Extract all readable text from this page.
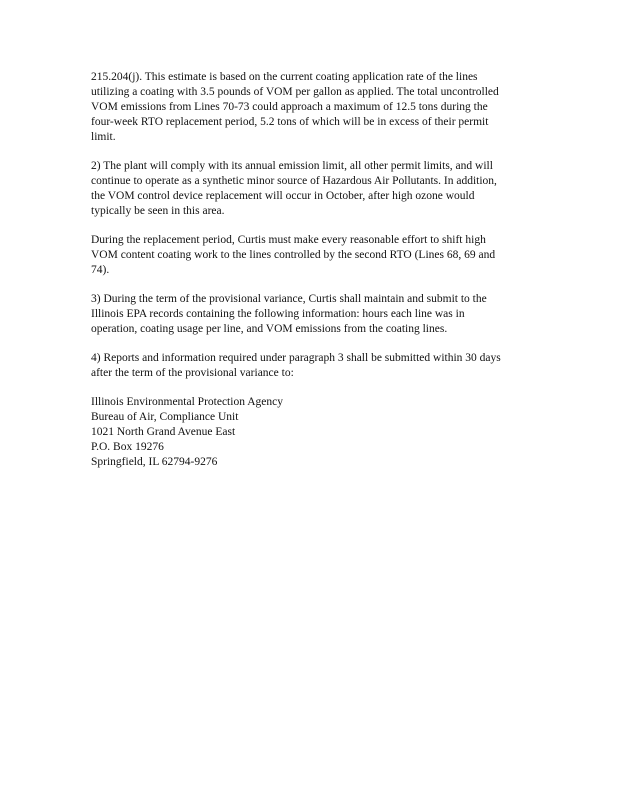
215.204(j). This estimate is based on the current coating application rate of the lines
utilizing a coating with 3.5 pounds of VOM per gallon as applied. The total uncontrolled
VOM emissions from Lines 70-73 could approach a maximum of 12.5 tons during the
four-week RTO replacement period, 5.2 tons of which will be in excess of their permit
limit.
2) The plant will comply with its annual emission limit, all other permit limits, and will
continue to operate as a synthetic minor source of Hazardous Air Pollutants. In addition,
the VOM control device replacement will occur in October, after high ozone would
typically be seen in this area.
During the replacement period, Curtis must make every reasonable effort to shift high
VOM content coating work to the lines controlled by the second RTO (Lines 68, 69 and
74).
3) During the term of the provisional variance, Curtis shall maintain and submit to the
Illinois EPA records containing the following information: hours each line was in
operation, coating usage per line, and VOM emissions from the coating lines.
4) Reports and information required under paragraph 3 shall be submitted within 30 days
after the term of the provisional variance to:
Illinois Environmental Protection Agency
Bureau of Air, Compliance Unit
1021 North Grand Avenue East
P.O. Box 19276
Springfield, IL 62794-9276
